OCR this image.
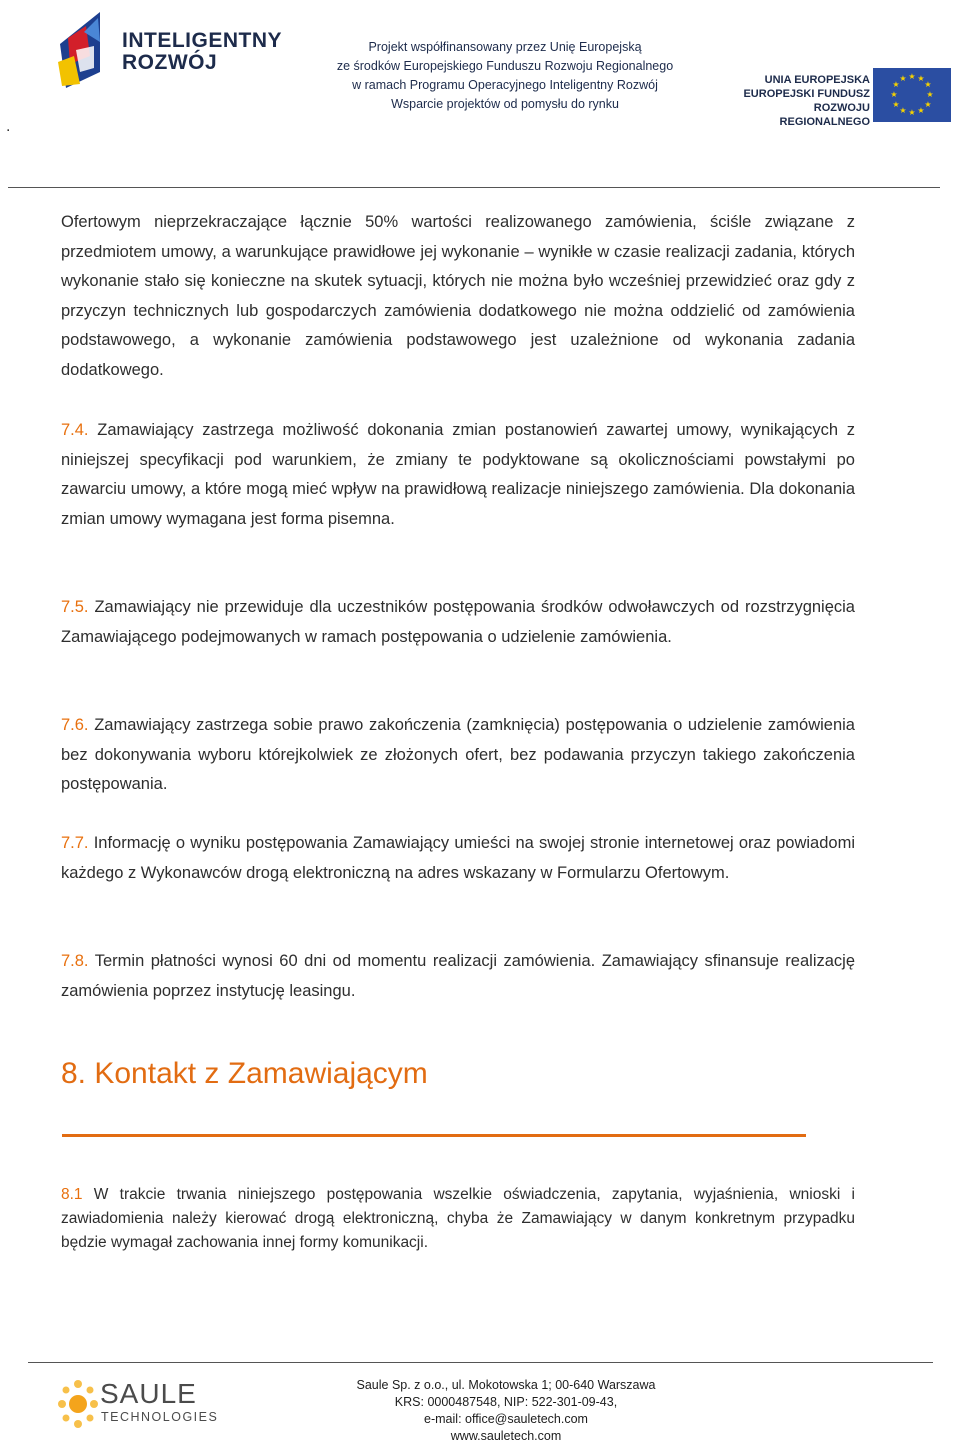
.
INTELIGENTNY
ROZWÓJ
Projekt współfinansowany przez Unię Europejską
ze środków Europejskiego Funduszu Rozwoju Regionalnego
w ramach Programu Operacyjnego Inteligentny Rozwój
Wsparcie projektów od pomysłu do rynku
UNIA EUROPEJSKA
EUROPEJSKI FUNDUSZ
ROZWOJU REGIONALNEGO
★ ★
★
★
★
★
★
★
★
★
★
★
Ofertowym nieprzekraczające łącznie 50% wartości realizowanego zamówienia, ściśle związane z przedmiotem umowy, a warunkujące prawidłowe jej wykonanie – wynikłe w czasie realizacji zadania, których wykonanie stało się konieczne na skutek sytuacji, których nie można było wcześniej przewidzieć oraz gdy z przyczyn technicznych lub gospodarczych zamówienia dodatkowego nie można oddzielić od zamówienia podstawowego, a wykonanie zamówienia podstawowego jest uzależnione od wykonania zadania dodatkowego.
7.4. Zamawiający zastrzega możliwość dokonania zmian postanowień zawartej umowy, wynikających z niniejszej specyfikacji pod warunkiem, że zmiany te podyktowane są okolicznościami powstałymi po zawarciu umowy, a które mogą mieć wpływ na prawidłową realizacje niniejszego zamówienia. Dla dokonania zmian umowy wymagana jest forma pisemna.
7.5. Zamawiający nie przewiduje dla uczestników postępowania środków odwoławczych od rozstrzygnięcia Zamawiającego podejmowanych w ramach postępowania o udzielenie zamówienia.
7.6. Zamawiający zastrzega sobie prawo zakończenia (zamknięcia) postępowania o udzielenie zamówienia bez dokonywania wyboru którejkolwiek ze złożonych ofert, bez podawania przyczyn takiego zakończenia postępowania.
7.7. Informację o wyniku postępowania Zamawiający umieści na swojej stronie internetowej oraz powiadomi każdego z Wykonawców drogą elektroniczną na adres wskazany w Formularzu Ofertowym.
7.8. Termin płatności wynosi 60 dni od momentu realizacji zamówienia. Zamawiający sfinansuje realizację zamówienia poprzez instytucję leasingu.
8. Kontakt z Zamawiającym
8.1 W trakcie trwania niniejszego postępowania wszelkie oświadczenia, zapytania, wyjaśnienia, wnioski i zawiadomienia należy kierować drogą elektroniczną, chyba że Zamawiający w danym konkretnym przypadku będzie wymagał zachowania innej formy komunikacji.
SAULE
TECHNOLOGIES
Saule Sp. z o.o., ul. Mokotowska 1; 00-640 Warszawa
KRS: 0000487548, NIP: 522-301-09-43,
e-mail: office@sauletech.com
www.sauletech.com
